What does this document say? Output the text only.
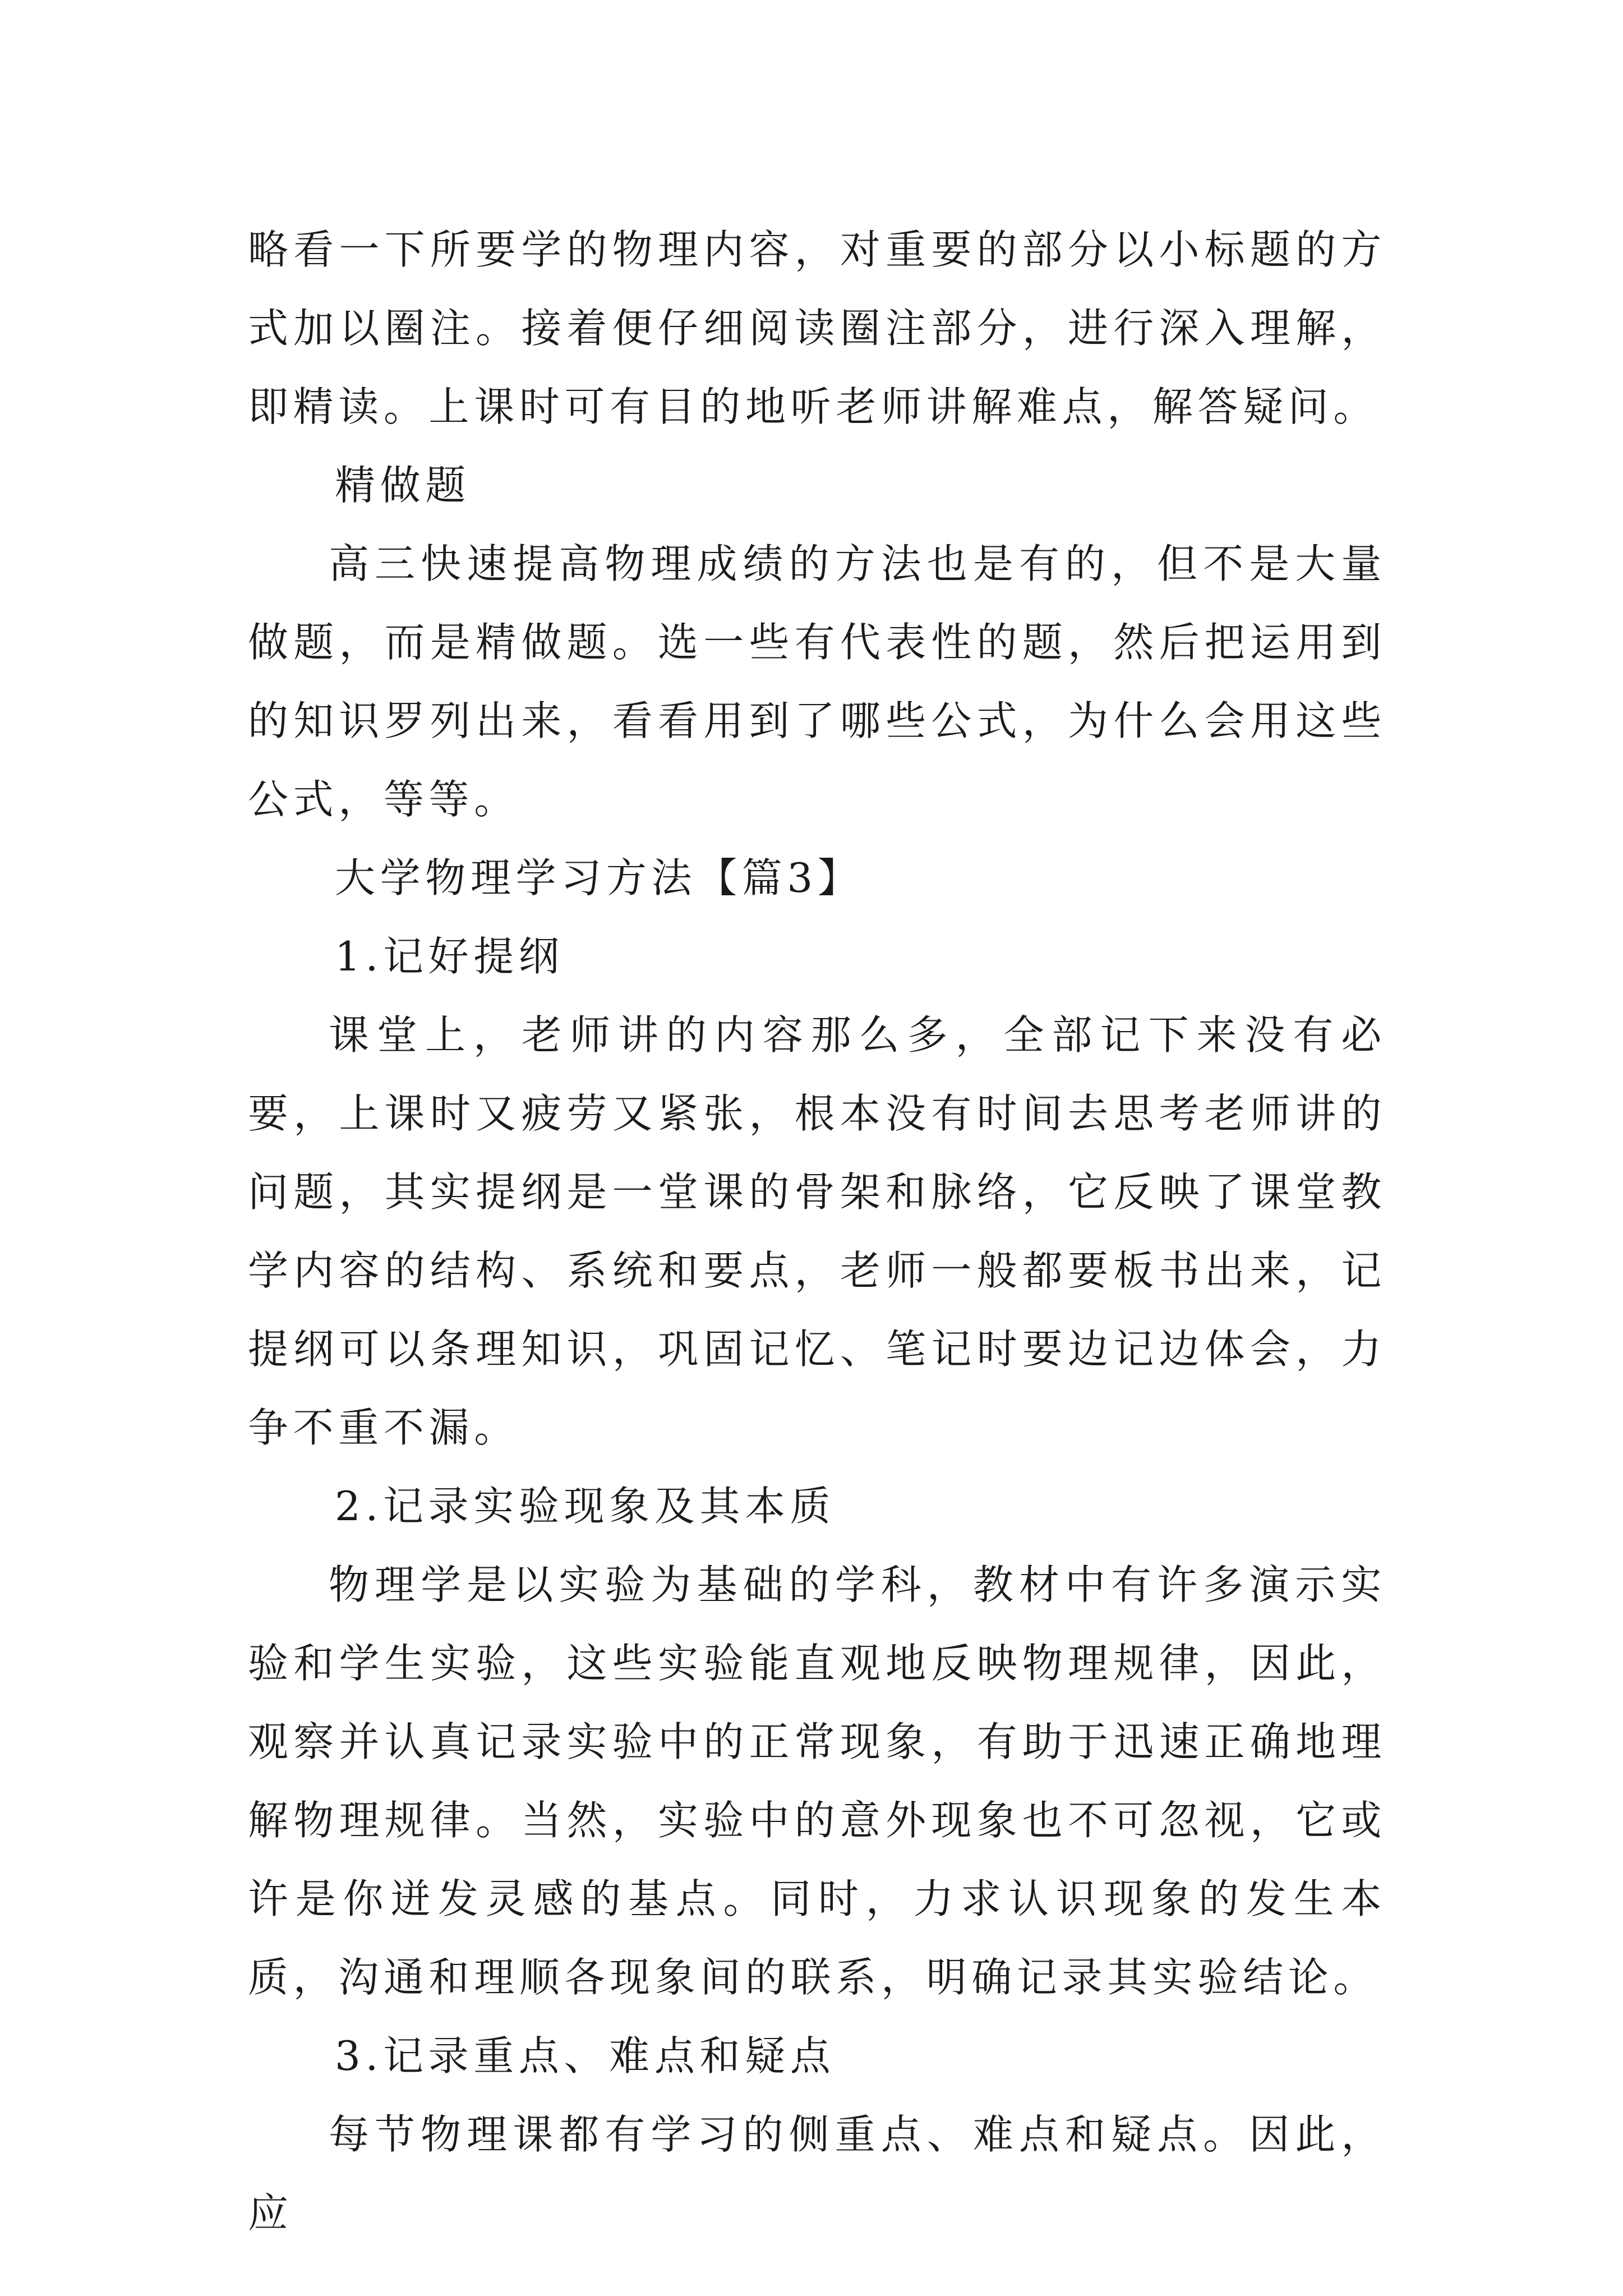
略看一下所要学的物理内容，对重要的部分以小标题的方式加以圈注。接着便仔细阅读圈注部分，进行深入理解，即精读。上课时可有目的地听老师讲解难点，解答疑问。

精做题

高三快速提高物理成绩的方法也是有的，但不是大量做题，而是精做题。选一些有代表性的题，然后把运用到的知识罗列出来，看看用到了哪些公式，为什么会用这些公式，等等。

大学物理学习方法【篇3】

1.记好提纲

课堂上，老师讲的内容那么多，全部记下来没有必要，上课时又疲劳又紧张，根本没有时间去思考老师讲的问题，其实提纲是一堂课的骨架和脉络，它反映了课堂教学内容的结构、系统和要点，老师一般都要板书出来，记提纲可以条理知识，巩固记忆、笔记时要边记边体会，力争不重不漏。

2.记录实验现象及其本质

物理学是以实验为基础的学科，教材中有许多演示实验和学生实验，这些实验能直观地反映物理规律，因此，观察并认真记录实验中的正常现象，有助于迅速正确地理解物理规律。当然，实验中的意外现象也不可忽视，它或许是你迸发灵感的基点。同时，力求认识现象的发生本质，沟通和理顺各现象间的联系，明确记录其实验结论。

3.记录重点、难点和疑点

每节物理课都有学习的侧重点、难点和疑点。因此，应
